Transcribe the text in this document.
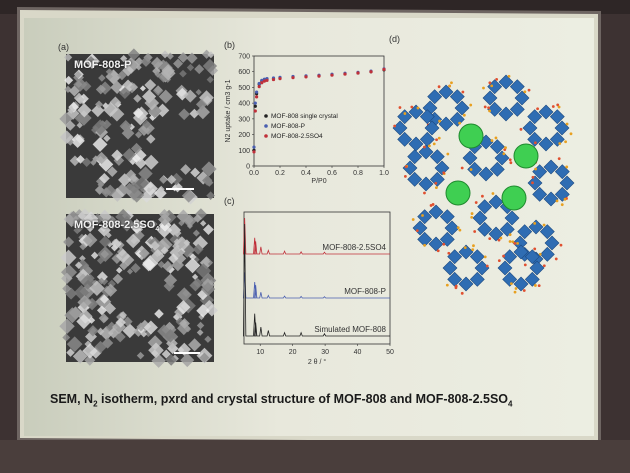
(a)	(b)
(c)
(d)
MOF-808-P
MOF-$808-2.5SO_4$
0
100
200
300
400
500
600
700
0.0 0.2 0.4 0.6 0.8 1.0
P/P0
N2 uptake / cm3 g-1	MOF-808 single crystal
MOF-808-P
MOF-808-2.5SO4
10	20	30	40	50
2 θ / °
MOF-808-2.5SO4
MOF-808-P
Simulated MOF-808
SEM, $N_2$ isotherm, pxrd and crystal structure of MOF-808 and MOF-$808-2.5SO_4$
